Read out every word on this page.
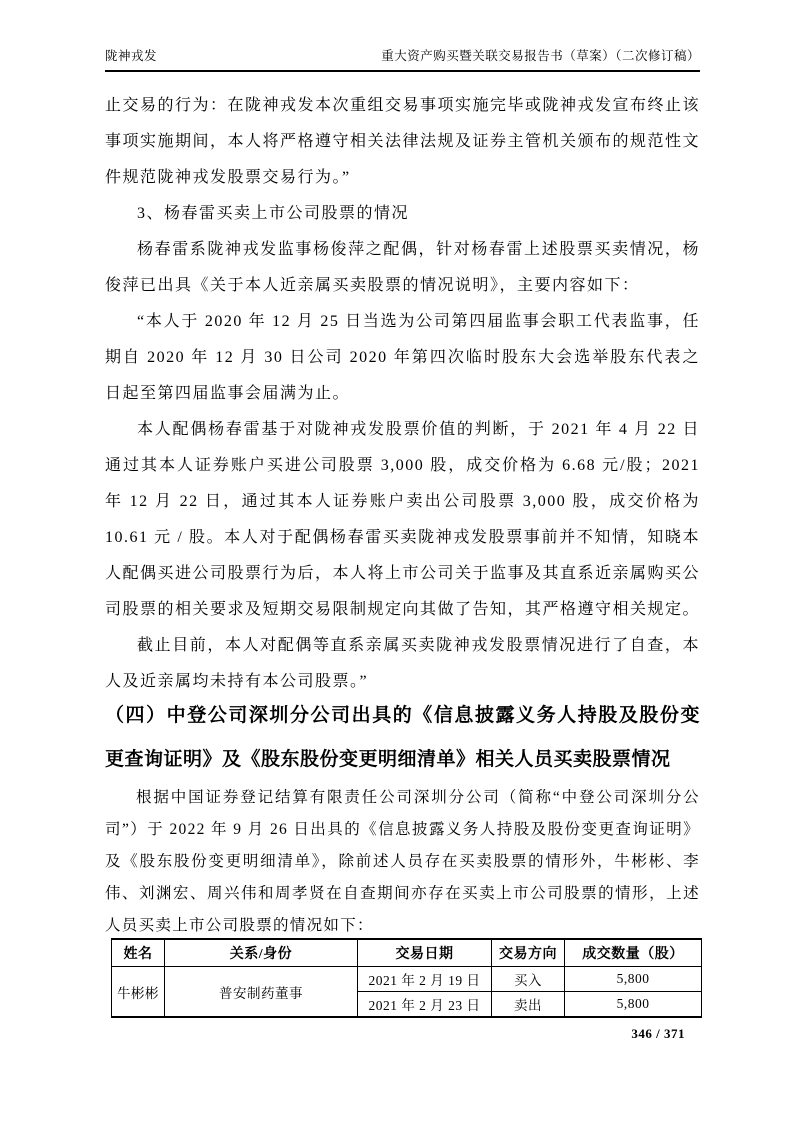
陇神戎发	重大资产购买暨关联交易报告书（草案）（二次修订稿）

止交易的行为：在陇神戎发本次重组交易事项实施完毕或陇神戎发宣布终止该事项实施期间，本人将严格遵守相关法律法规及证券主管机关颁布的规范性文件规范陇神戎发股票交易行为。”

3、杨春雷买卖上市公司股票的情况

杨春雷系陇神戎发监事杨俊萍之配偶，针对杨春雷上述股票买卖情况，杨俊萍已出具《关于本人近亲属买卖股票的情况说明》，主要内容如下：

“本人于 2020 年 12 月 25 日当选为公司第四届监事会职工代表监事，任期自 2020 年 12 月 30 日公司 2020 年第四次临时股东大会选举股东代表之日起至第四届监事会届满为止。

本人配偶杨春雷基于对陇神戎发股票价值的判断，于 2021 年 4 月 22 日通过其本人证券账户买进公司股票 3,000 股，成交价格为 6.68 元/股；2021 年 12 月 22 日，通过其本人证券账户卖出公司股票 3,000 股，成交价格为 10.61 元 / 股。本人对于配偶杨春雷买卖陇神戎发股票事前并不知情，知晓本人配偶买进公司股票行为后，本人将上市公司关于监事及其直系近亲属购买公司股票的相关要求及短期交易限制规定向其做了告知，其严格遵守相关规定。

截止目前，本人对配偶等直系亲属买卖陇神戎发股票情况进行了自查，本人及近亲属均未持有本公司股票。”

（四）中登公司深圳分公司出具的《信息披露义务人持股及股份变
更查询证明》及《股东股份变更明细清单》相关人员买卖股票情况

根据中国证券登记结算有限责任公司深圳分公司（简称“中登公司深圳分公司”）于 2022 年 9 月 26 日出具的《信息披露义务人持股及股份变更查询证明》及《股东股份变更明细清单》，除前述人员存在买卖股票的情形外，牛彬彬、李伟、刘渊宏、周兴伟和周孝贤在自查期间亦存在买卖上市公司股票的情形，上述人员买卖上市公司股票的情况如下：

姓名	关系/身份	交易日期	交易方向	成交数量（股）
牛彬彬	普安制药董事	2021 年 2 月 19 日	买入	5,800
		2021 年 2 月 23 日	卖出	5,800
346 / 371
